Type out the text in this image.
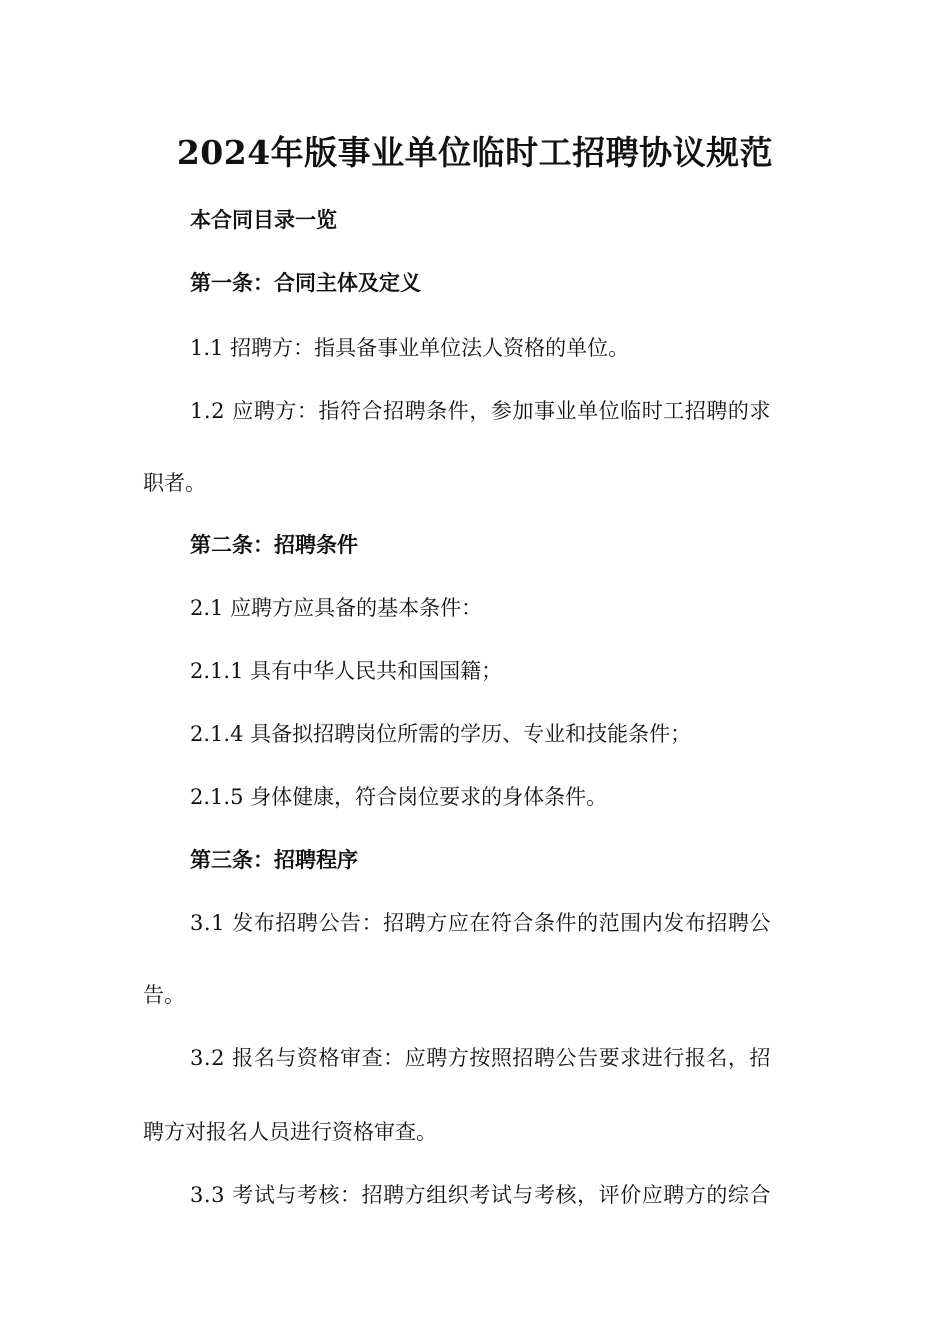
2024年版事业单位临时工招聘协议规范

本合同目录一览

第一条：合同主体及定义

1.1 招聘方：指具备事业单位法人资格的单位。

1.2 应聘方：指符合招聘条件，参加事业单位临时工招聘的求

职者。

第二条：招聘条件

2.1 应聘方应具备的基本条件：

2.1.1 具有中华人民共和国国籍；

2.1.4 具备拟招聘岗位所需的学历、专业和技能条件；

2.1.5 身体健康，符合岗位要求的身体条件。

第三条：招聘程序

3.1 发布招聘公告：招聘方应在符合条件的范围内发布招聘公

告。

3.2 报名与资格审查：应聘方按照招聘公告要求进行报名，招

聘方对报名人员进行资格审查。

3.3 考试与考核：招聘方组织考试与考核，评价应聘方的综合
